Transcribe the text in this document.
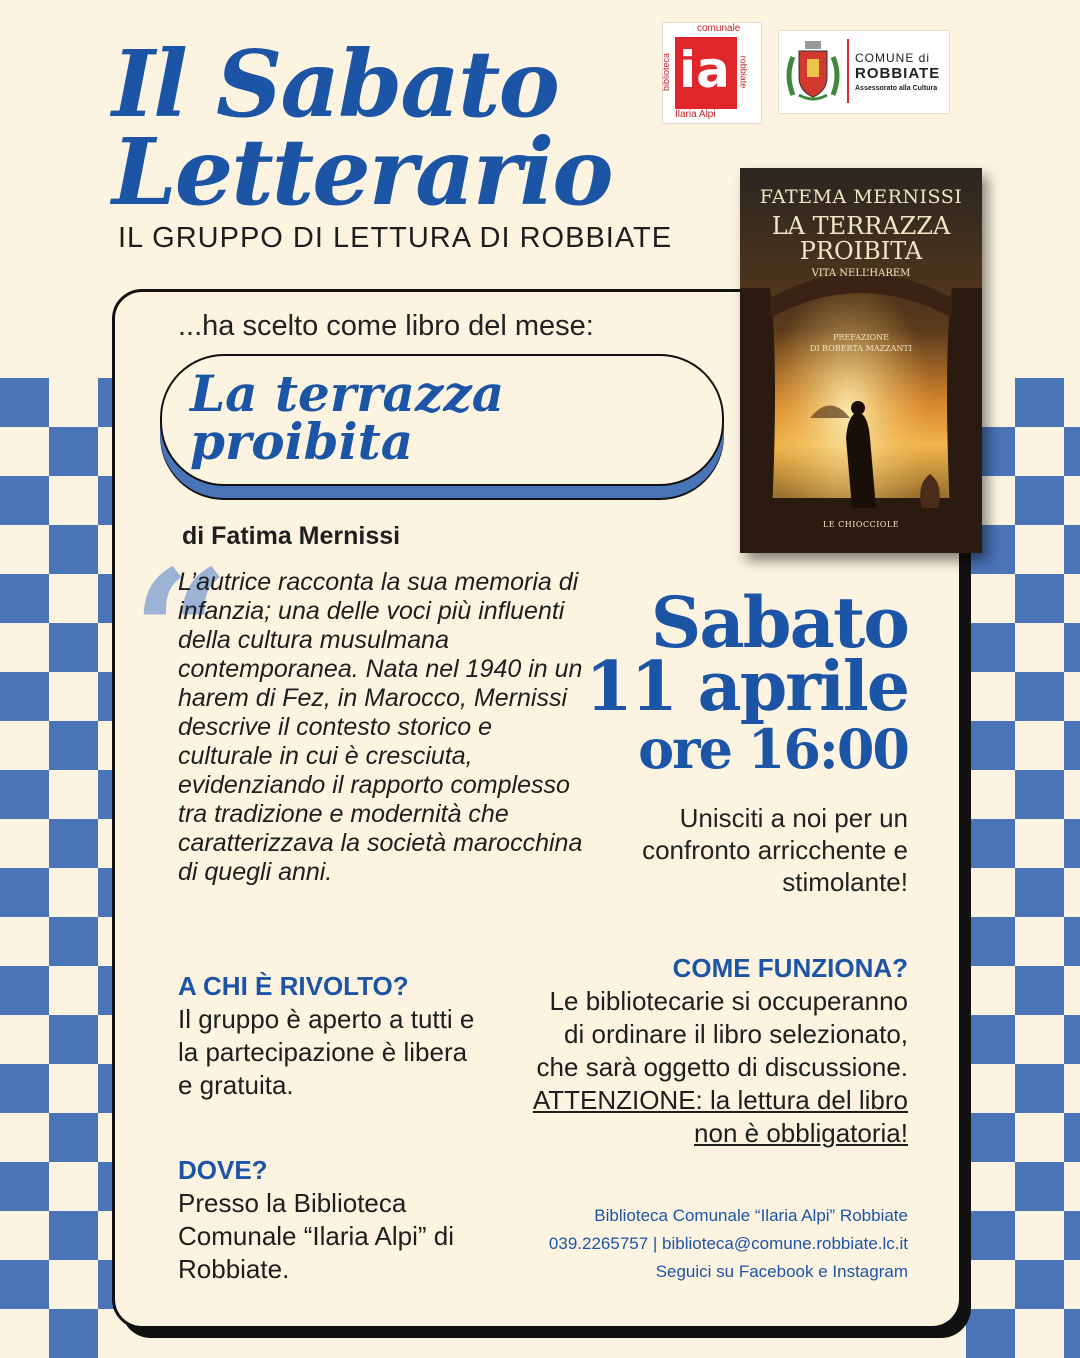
Il Sabato
Letterario
IL GRUPPO DI LETTURA DI ROBBIATE
comunale
ia
biblioteca	robbiate
Ilaria Alpi
COMUNE di
ROBBIATE
Assessorato alla Cultura
...ha scelto come libro del mese:
La terrazza
proibita
di Fatima Mernissi
“
L’autrice racconta la sua memoria di infanzia; una delle voci più influenti della cultura musulmana contemporanea. Nata nel 1940 in un harem di Fez, in Marocco, Mernissi descrive il contesto storico e culturale in cui è cresciuta, evidenziando il rapporto complesso tra tradizione e modernità che caratterizzava la società marocchina di quegli anni.
FATEMA MERNISSI
LA TERRAZZA
PROIBITA
VITA NELL’HAREM
PREFAZIONE
DI ROBERTA MAZZANTI
LE CHIOCCIOLE
Sabato
11 aprile
ore 16:00
Unisciti a noi per un confronto arricchente e stimolante!
A CHI È RIVOLTO?
Il gruppo è aperto a tutti e la partecipazione è libera e gratuita.
DOVE?
Presso la Biblioteca Comunale “Ilaria Alpi” di Robbiate.
COME FUNZIONA?
Le bibliotecarie si occuperanno di ordinare il libro selezionato, che sarà oggetto di discussione.
ATTENZIONE: la lettura del libro non è obbligatoria!
Biblioteca Comunale “Ilaria Alpi” Robbiate
039.2265757 | biblioteca@comune.robbiate.lc.it
Seguici su Facebook e Instagram
